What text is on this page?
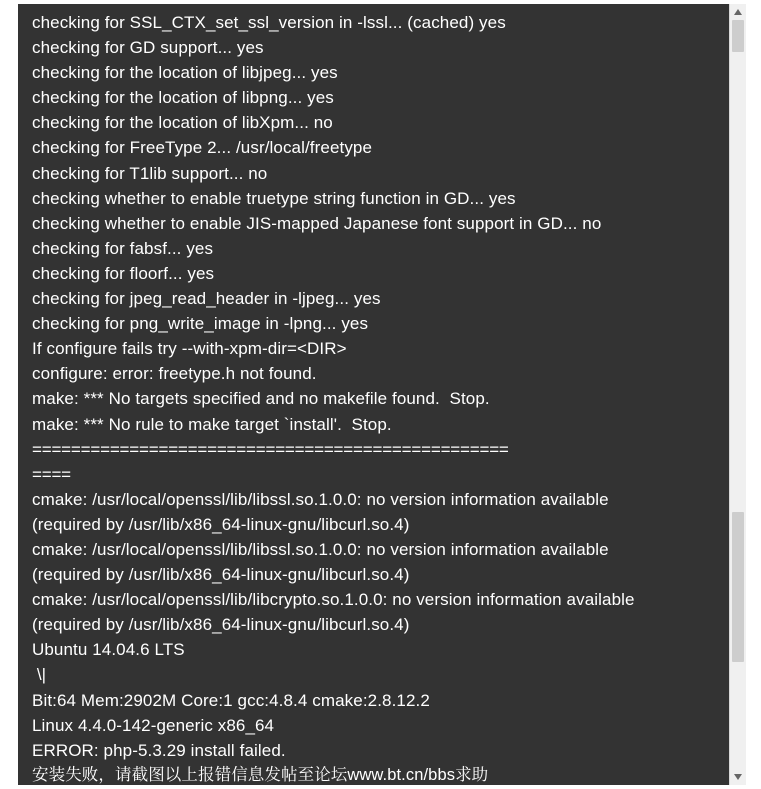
checking for SSL_CTX_set_ssl_version in -lssl... (cached) yes
checking for GD support... yes
checking for the location of libjpeg... yes
checking for the location of libpng... yes
checking for the location of libXpm... no
checking for FreeType 2... /usr/local/freetype
checking for T1lib support... no
checking whether to enable truetype string function in GD... yes
checking whether to enable JIS-mapped Japanese font support in GD... no
checking for fabsf... yes
checking for floorf... yes
checking for jpeg_read_header in -ljpeg... yes
checking for png_write_image in -lpng... yes
If configure fails try --with-xpm-dir=<DIR>
configure: error: freetype.h not found.
make: *** No targets specified and no makefile found.  Stop.
make: *** No rule to make target `install'.  Stop.
=================================================
====
cmake: /usr/local/openssl/lib/libssl.so.1.0.0: no version information available
(required by /usr/lib/x86_64-linux-gnu/libcurl.so.4)
cmake: /usr/local/openssl/lib/libssl.so.1.0.0: no version information available
(required by /usr/lib/x86_64-linux-gnu/libcurl.so.4)
cmake: /usr/local/openssl/lib/libcrypto.so.1.0.0: no version information available
(required by /usr/lib/x86_64-linux-gnu/libcurl.so.4)
Ubuntu 14.04.6 LTS
\|
Bit:64 Mem:2902M Core:1 gcc:4.8.4 cmake:2.8.12.2
Linux 4.4.0-142-generic x86_64
ERROR: php-5.3.29 install failed.
安装失败，请截图以上报错信息发帖至论坛www.bt.cn/bbs求助
